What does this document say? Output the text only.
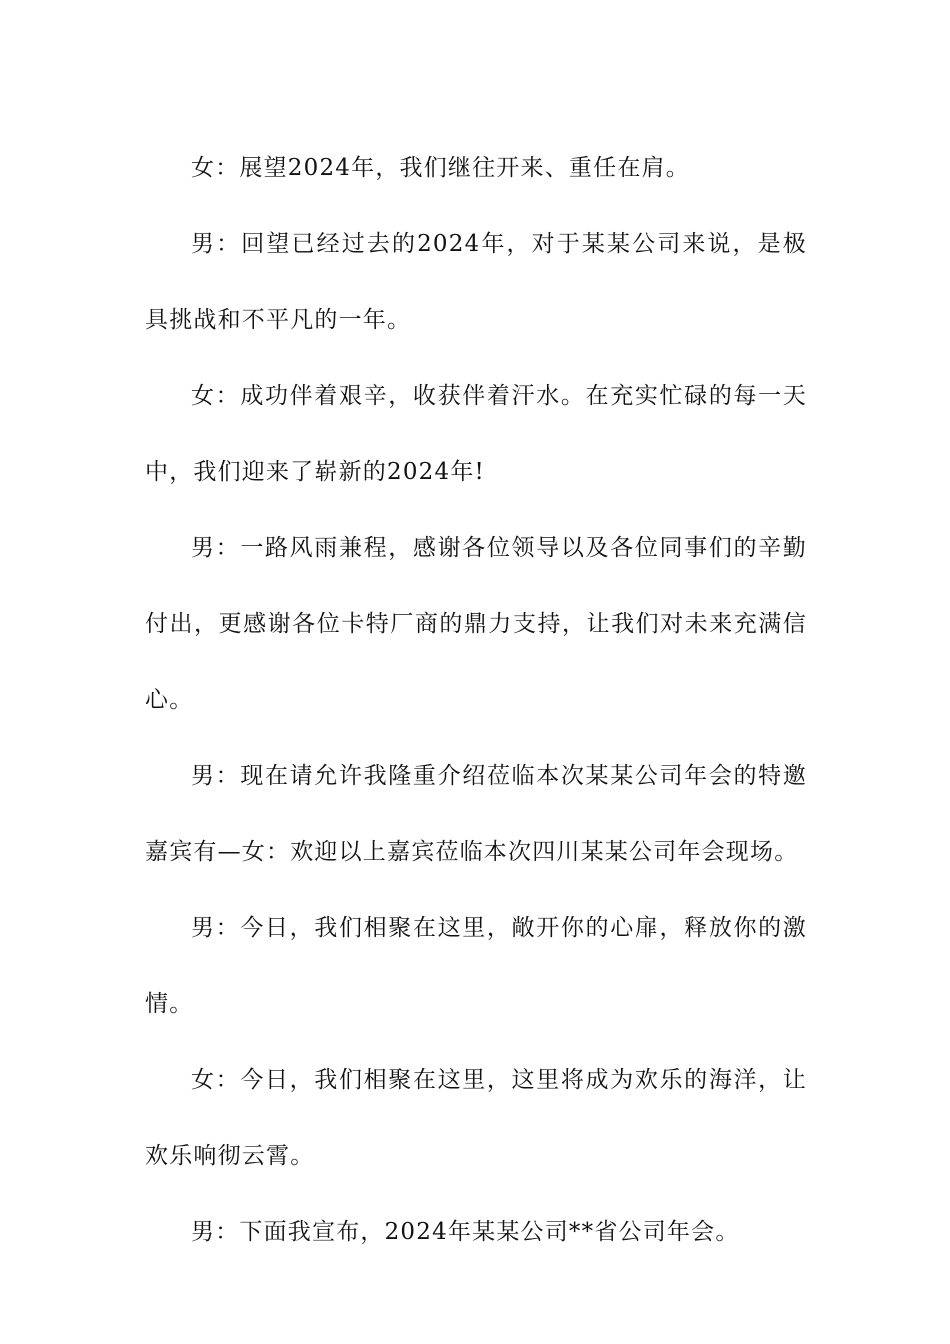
女：展望2024年，我们继往开来、重任在肩。

男：回望已经过去的2024年，对于某某公司来说，是极具挑战和不平凡的一年。

女：成功伴着艰辛，收获伴着汗水。在充实忙碌的每一天中，我们迎来了崭新的2024年!

男：一路风雨兼程，感谢各位领导以及各位同事们的辛勤付出，更感谢各位卡特厂商的鼎力支持，让我们对未来充满信心。

男：现在请允许我隆重介绍莅临本次某某公司年会的特邀嘉宾有—女：欢迎以上嘉宾莅临本次四川某某公司年会现场。

男：今日，我们相聚在这里，敞开你的心扉，释放你的激情。

女：今日，我们相聚在这里，这里将成为欢乐的海洋，让欢乐响彻云霄。

男：下面我宣布，2024年某某公司**省公司年会。
